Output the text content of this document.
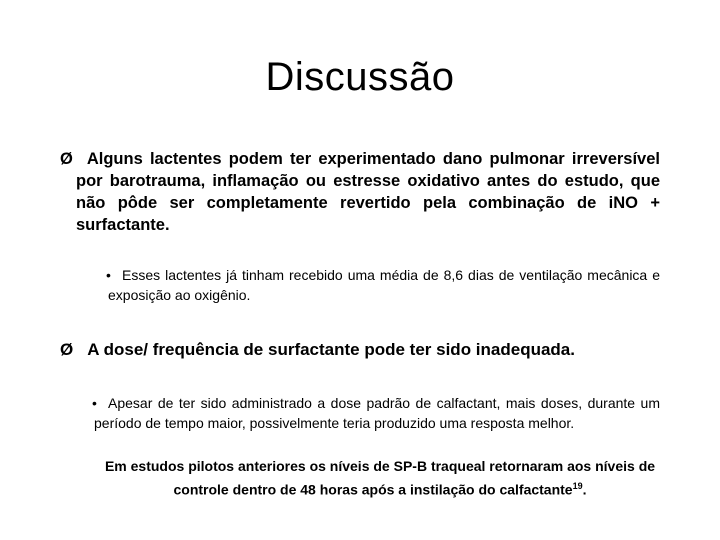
Discussão
Ø Alguns lactentes podem ter experimentado dano pulmonar irreversível por barotrauma, inflamação ou estresse oxidativo antes do estudo, que não pôde ser completamente revertido pela combinação de iNO + surfactante.
• Esses lactentes já tinham recebido uma média de 8,6 dias de ventilação mecânica e exposição ao oxigênio.
Ø A dose/ frequência de surfactante pode ter sido inadequada.
• Apesar de ter sido administrado a dose padrão de calfactant, mais doses, durante um período de tempo maior, possivelmente teria produzido uma resposta melhor.
Em estudos pilotos anteriores os níveis de SP-B traqueal retornaram aos níveis de controle dentro de 48 horas após a instilação do calfactante$^{19}$.
